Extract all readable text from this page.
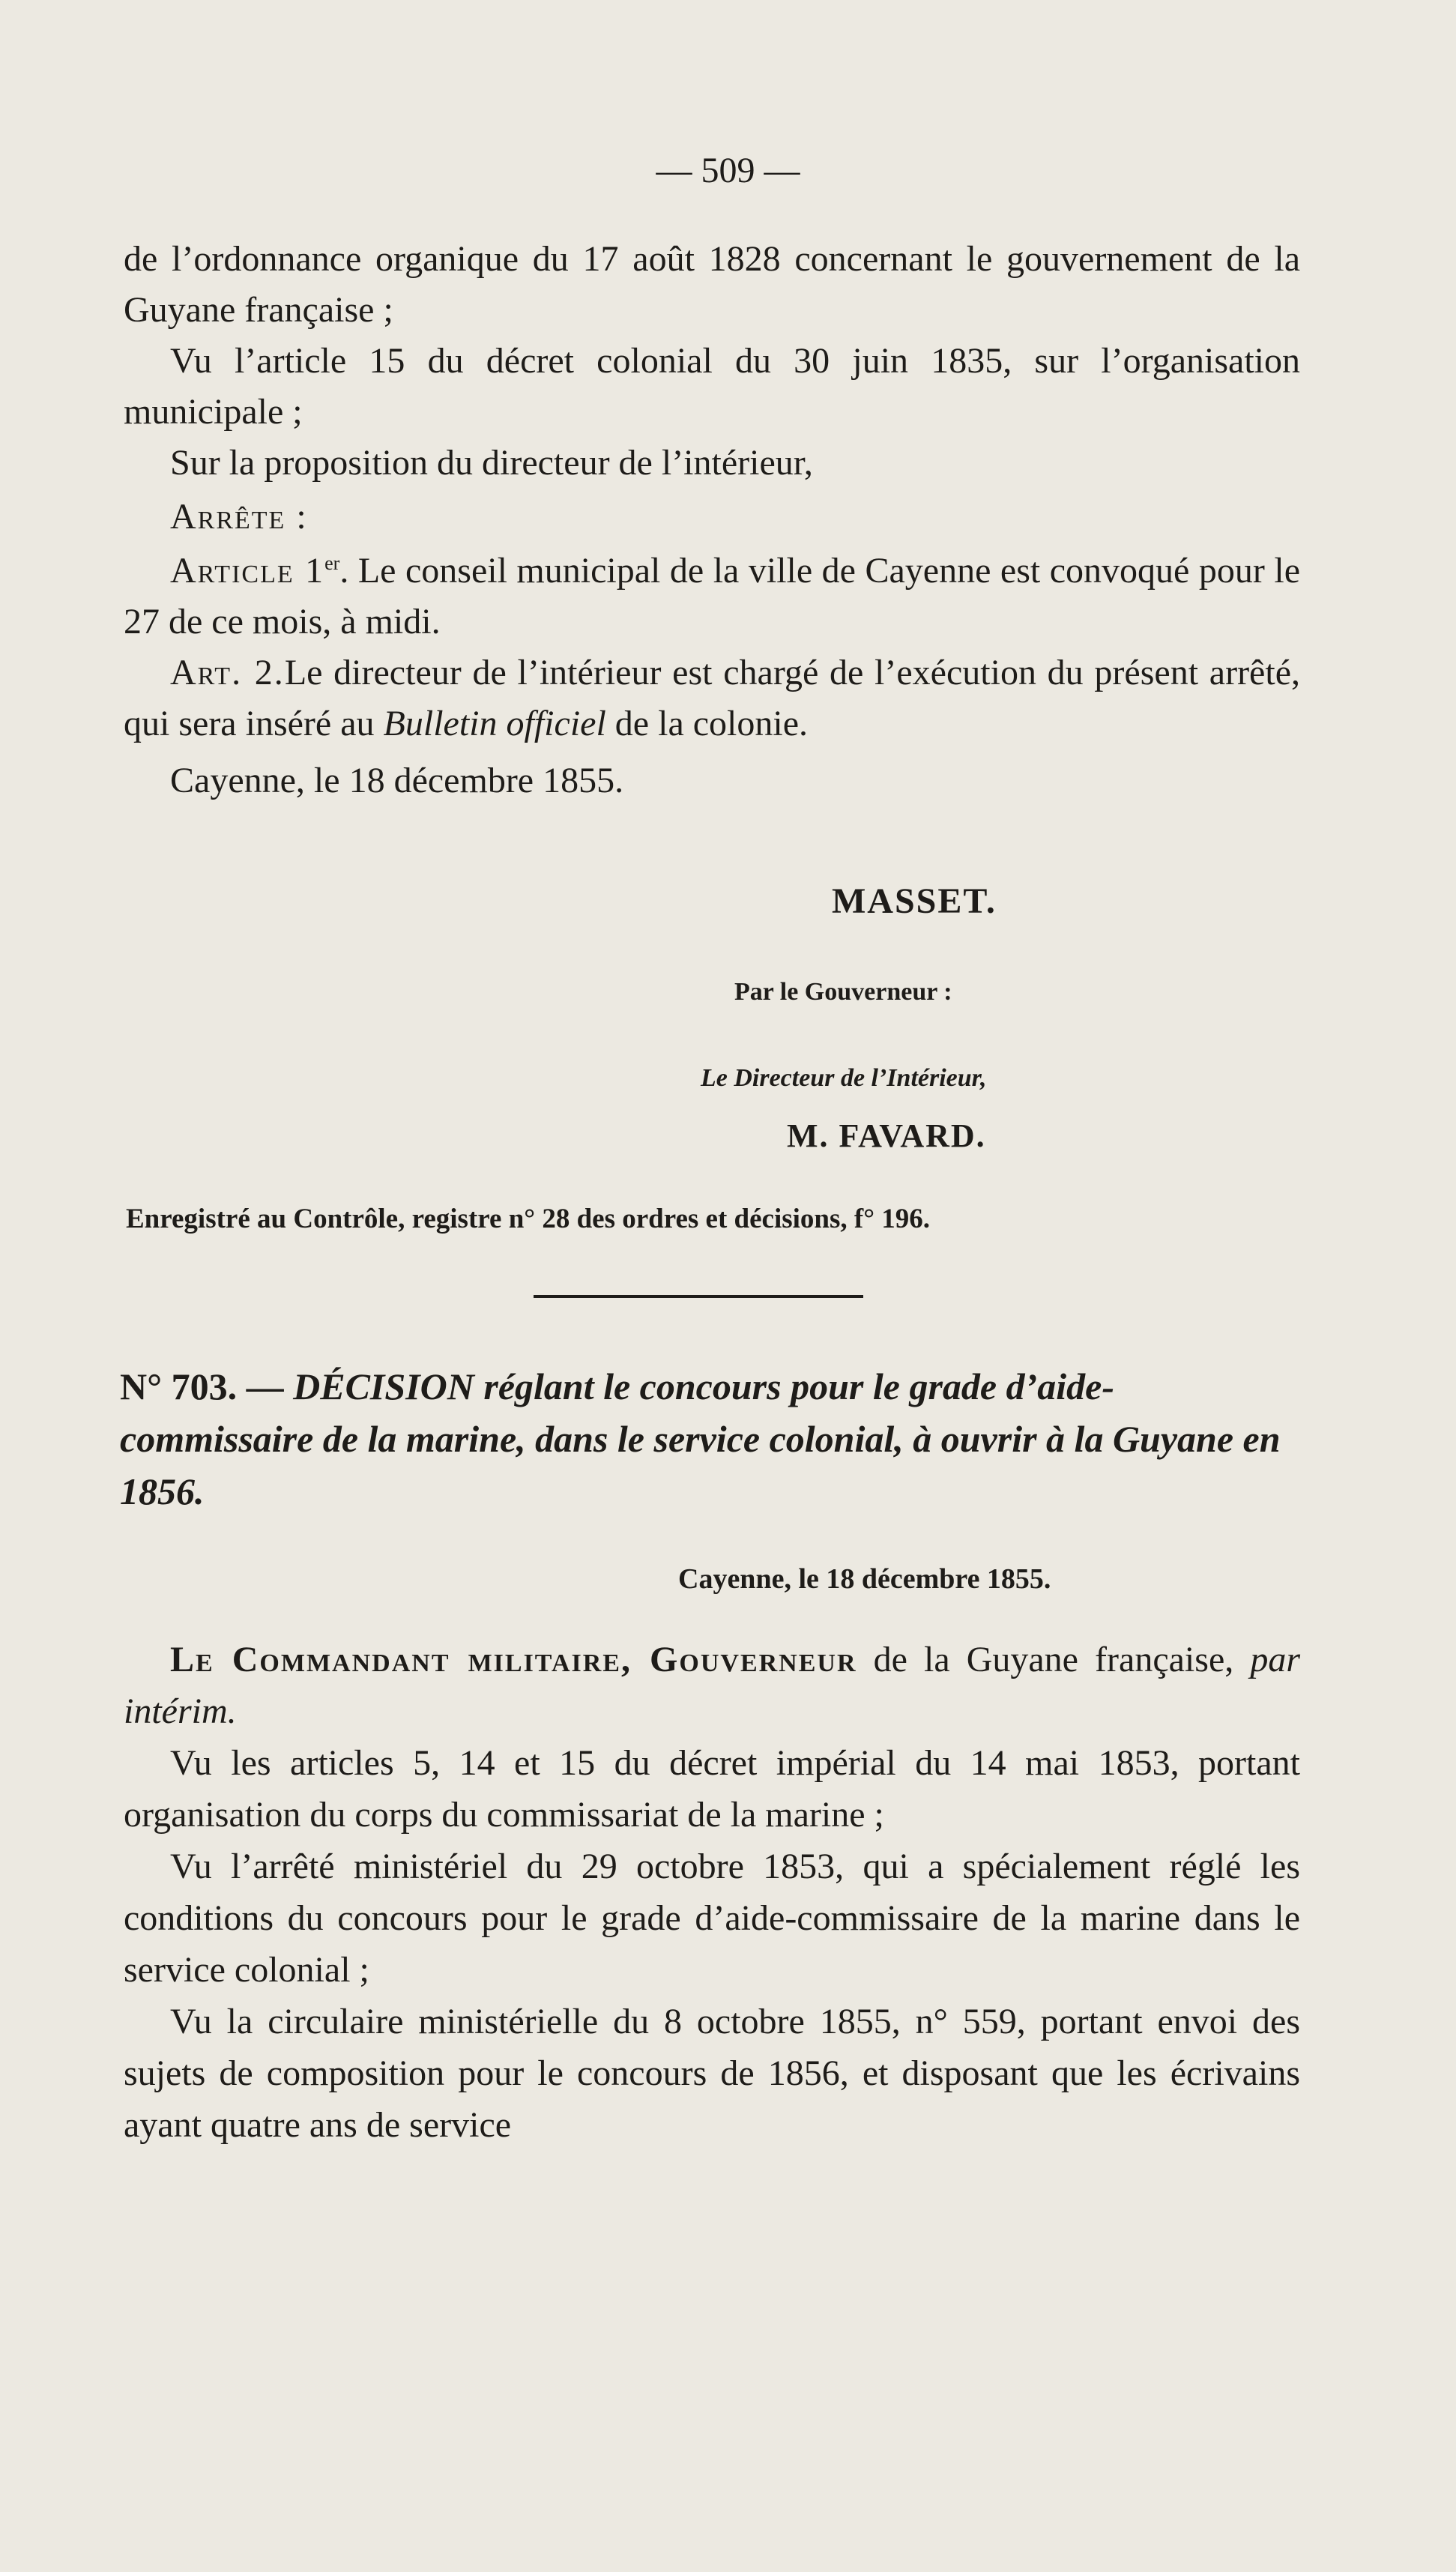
— 509 —

de l’ordonnance organique du 17 août 1828 concernant le gouvernement de la Guyane française ;

Vu l’article 15 du décret colonial du 30 juin 1835, sur l’organisation municipale ;

Sur la proposition du directeur de l’intérieur,

Arrête :

Article 1er. Le conseil municipal de la ville de Cayenne est convoqué pour le 27 de ce mois, à midi.

Art. 2.Le directeur de l’intérieur est chargé de l’exécution du présent arrêté, qui sera inséré au Bulletin officiel de la colonie.

Cayenne, le 18 décembre 1855.

MASSET.
Par le Gouverneur :
Le Directeur de l’Intérieur,
M. FAVARD.
Enregistré au Contrôle, registre n° 28 des ordres et décisions, f° 196.
N° 703. — DÉCISION réglant le concours pour le grade d’aide-commissaire de la marine, dans le service colonial, à ouvrir à la Guyane en 1856.
Cayenne, le 18 décembre 1855.

Le Commandant militaire, Gouverneur de la Guyane française, par intérim.

Vu les articles 5, 14 et 15 du décret impérial du 14 mai 1853, portant organisation du corps du commissariat de la marine ;

Vu l’arrêté ministériel du 29 octobre 1853, qui a spécialement réglé les conditions du concours pour le grade d’aide-commissaire de la marine dans le service colonial ;

Vu la circulaire ministérielle du 8 octobre 1855, n° 559, portant envoi des sujets de composition pour le concours de 1856, et disposant que les écrivains ayant quatre ans de service
